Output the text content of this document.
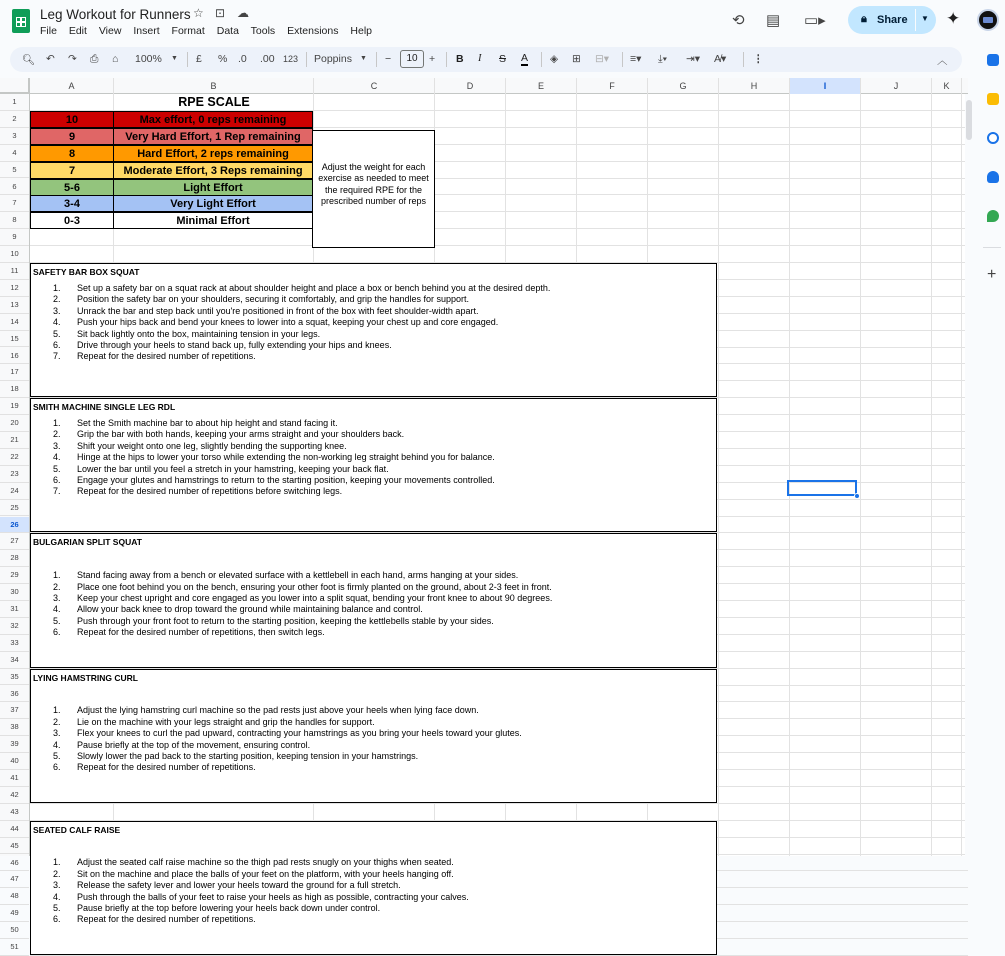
Leg Workout for Runners ☆ ⊡ ☁
File Edit View Insert Format Data Tools Extensions Help
⟲ ▤ ▭▸	🔒︎ Share ▼ ✦
🔍︎ ↶ ↷ ⎙ ⌂ 100% ▼ £ % .0 .00 123 Poppins ▼ −	10	+ B I S A ◈ ⊞ ⊟▾ ≡▾ ⤓▾ ⇥▾ A̸▾	⋮	︿
A	B	C	D	E	F	G	H	I	J	K
1
2
3
4
5
6
7
8
9
10
11
12
13
14
15
16
17
18
19
20
21
22
23
24
25
26
27
28
29
30
31
32
33
34
35
36
37
38
39
40
41
42
43
44
45
46
47
48
49
50
51
RPE SCALE
10	Max effort, 0 reps remaining
9	Very Hard Effort, 1 Rep remaining
8	Hard Effort, 2 reps remaining
7	Moderate Effort, 3 Reps remaining
5-6	Light Effort
3-4	Very Light Effort
0-3	Minimal Effort
Adjust the weight for each exercise as needed to meet the required RPE for the prescribed number of reps
SAFETY BAR BOX SQUAT
1. Set up a safety bar on a squat rack at about shoulder height and place a box or bench behind you at the desired depth.
2. Position the safety bar on your shoulders, securing it comfortably, and grip the handles for support.
3. Unrack the bar and step back until you're positioned in front of the box with feet shoulder-width apart.
4. Push your hips back and bend your knees to lower into a squat, keeping your chest up and core engaged.
5. Sit back lightly onto the box, maintaining tension in your legs.
6. Drive through your heels to stand back up, fully extending your hips and knees.
7. Repeat for the desired number of repetitions.
SMITH MACHINE SINGLE LEG RDL
1. Set the Smith machine bar to about hip height and stand facing it.
2. Grip the bar with both hands, keeping your arms straight and your shoulders back.
3. Shift your weight onto one leg, slightly bending the supporting knee.
4. Hinge at the hips to lower your torso while extending the non-working leg straight behind you for balance.
5. Lower the bar until you feel a stretch in your hamstring, keeping your back flat.
6. Engage your glutes and hamstrings to return to the starting position, keeping your movements controlled.
7. Repeat for the desired number of repetitions before switching legs.
BULGARIAN SPLIT SQUAT
1. Stand facing away from a bench or elevated surface with a kettlebell in each hand, arms hanging at your sides.
2. Place one foot behind you on the bench, ensuring your other foot is firmly planted on the ground, about 2-3 feet in front.
3. Keep your chest upright and core engaged as you lower into a split squat, bending your front knee to about 90 degrees.
4. Allow your back knee to drop toward the ground while maintaining balance and control.
5. Push through your front foot to return to the starting position, keeping the kettlebells stable by your sides.
6. Repeat for the desired number of repetitions, then switch legs.
LYING HAMSTRING CURL
1. Adjust the lying hamstring curl machine so the pad rests just above your heels when lying face down.
2. Lie on the machine with your legs straight and grip the handles for support.
3. Flex your knees to curl the pad upward, contracting your hamstrings as you bring your heels toward your glutes.
4. Pause briefly at the top of the movement, ensuring control.
5. Slowly lower the pad back to the starting position, keeping tension in your hamstrings.
6. Repeat for the desired number of repetitions.
SEATED CALF RAISE
1. Adjust the seated calf raise machine so the thigh pad rests snugly on your thighs when seated.
2. Sit on the machine and place the balls of your feet on the platform, with your heels hanging off.
3. Release the safety lever and lower your heels toward the ground for a full stretch.
4. Push through the balls of your feet to raise your heels as high as possible, contracting your calves.
5. Pause briefly at the top before lowering your heels back down under control.
6. Repeat for the desired number of repetitions.
+
